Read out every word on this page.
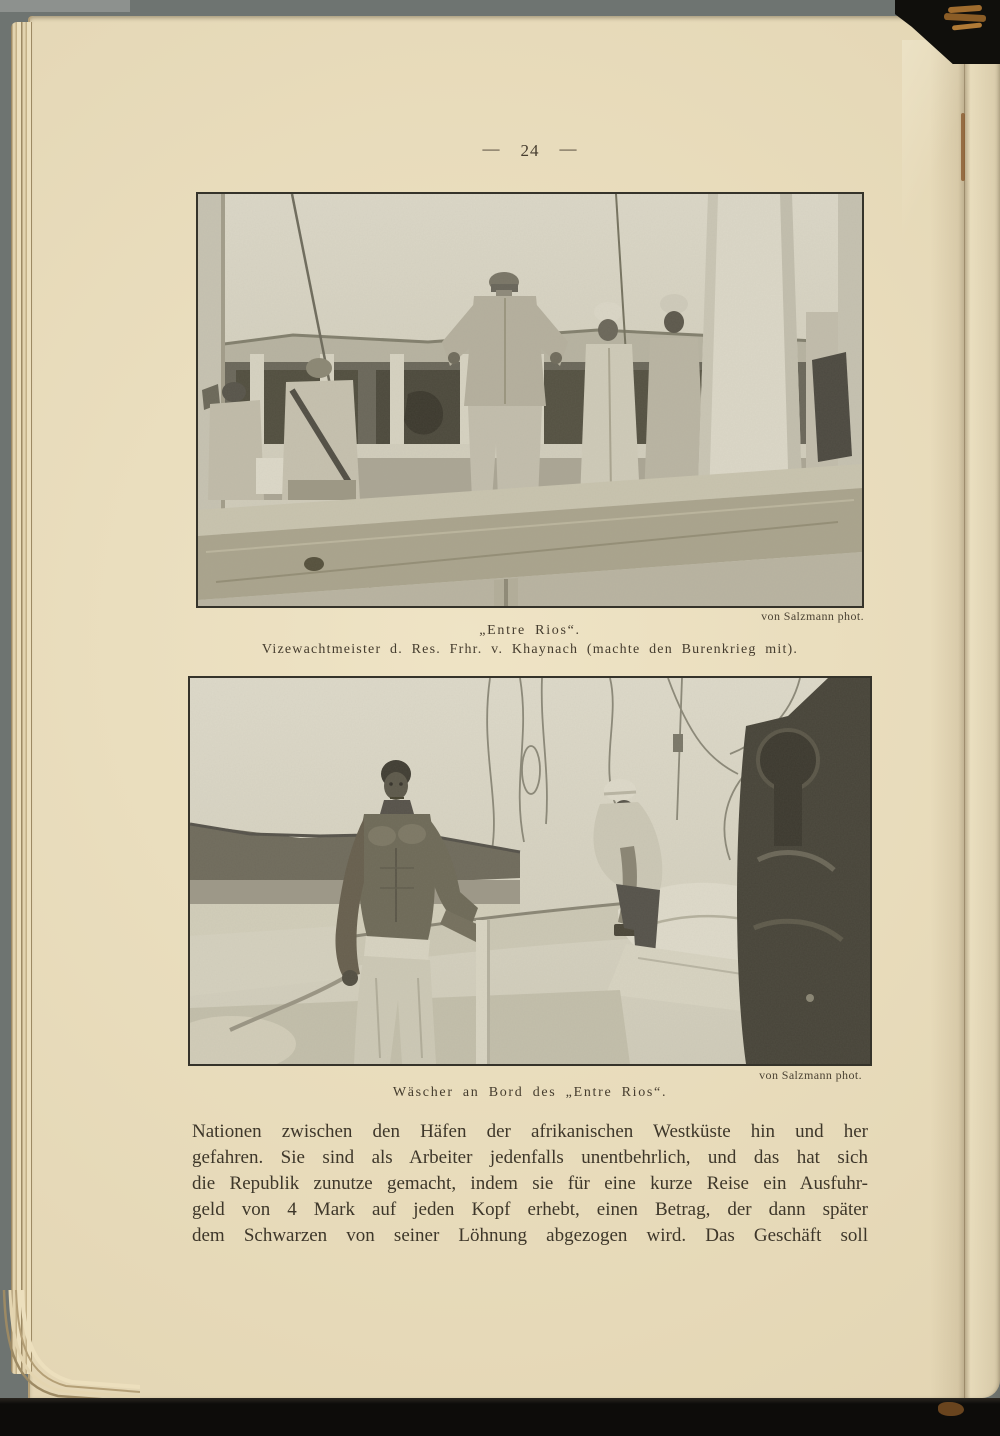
— 24 —
von Salzmann phot.
„Entre Rios“.
Vizewachtmeister d. Res. Frhr. v. Khaynach (machte den Burenkrieg mit).
von Salzmann phot.
Wäscher an Bord des „Entre Rios“.
Nationen zwischen den Häfen der afrikanischen Westküste hin und her
gefahren. Sie sind als Arbeiter jedenfalls unentbehrlich, und das hat sich
die Republik zunutze gemacht, indem sie für eine kurze Reise ein Ausfuhr-
geld von 4 Mark auf jeden Kopf erhebt, einen Betrag, der dann später
dem Schwarzen von seiner Löhnung abgezogen wird. Das Geschäft soll
